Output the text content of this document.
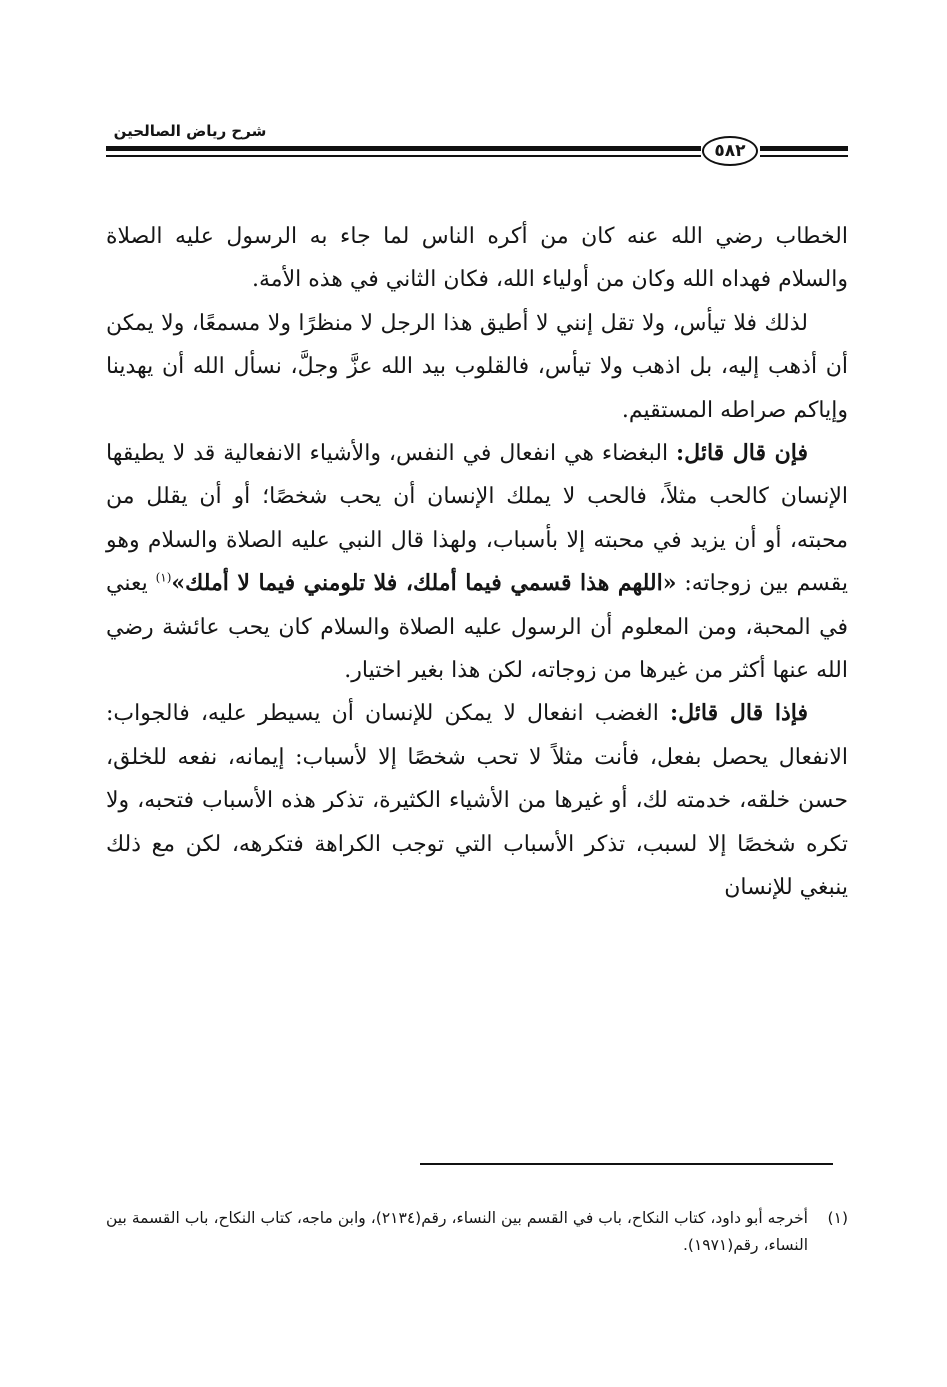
شرح رياض الصالحين
٥٨٢

الخطاب رضي الله عنه كان من أكره الناس لما جاء به الرسول عليه الصلاة والسلام فهداه الله وكان من أولياء الله، فكان الثاني في هذه الأمة.

لذلك فلا تيأس، ولا تقل إنني لا أطيق هذا الرجل لا منظرًا ولا مسمعًا، ولا يمكن أن أذهب إليه، بل اذهب ولا تيأس، فالقلوب بيد الله عزَّ وجلَّ، نسأل الله أن يهدينا وإياكم صراطه المستقيم.

فإن قال قائل: البغضاء هي انفعال في النفس، والأشياء الانفعالية قد لا يطيقها الإنسان كالحب مثلاً، فالحب لا يملك الإنسان أن يحب شخصًا؛ أو أن يقلل من محبته، أو أن يزيد في محبته إلا بأسباب، ولهذا قال النبي عليه الصلاة والسلام وهو يقسم بين زوجاته: «اللهم هذا قسمي فيما أملك، فلا تلومني فيما لا أملك»$^{(١)}$ يعني في المحبة، ومن المعلوم أن الرسول عليه الصلاة والسلام كان يحب عائشة رضي الله عنها أكثر من غيرها من زوجاته، لكن هذا بغير اختيار.

فإذا قال قائل: الغضب انفعال لا يمكن للإنسان أن يسيطر عليه، فالجواب: الانفعال يحصل بفعل، فأنت مثلاً لا تحب شخصًا إلا لأسباب: إيمانه، نفعه للخلق، حسن خلقه، خدمته لك، أو غيرها من الأشياء الكثيرة، تذكر هذه الأسباب فتحبه، ولا تكره شخصًا إلا لسبب، تذكر الأسباب التي توجب الكراهة فتكرهه، لكن مع ذلك ينبغي للإنسان

(١)
أخرجه أبو داود، كتاب النكاح، باب في القسم بين النساء، رقم(٢١٣٤)، وابن ماجه، كتاب النكاح، باب القسمة بين النساء، رقم(١٩٧١).
